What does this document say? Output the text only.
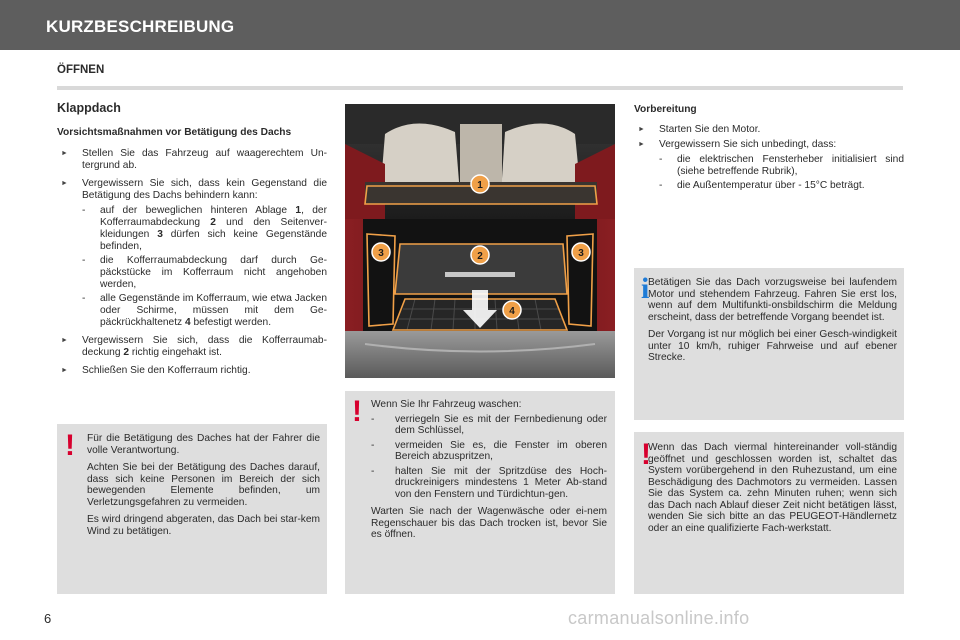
KURZBESCHREIBUNG
ÖFFNEN
Klappdach
Vorsichtsmaßnahmen vor Betätigung des Dachs
► Stellen Sie das Fahrzeug auf waagerechtem Un-tergrund ab.
► Vergewissern Sie sich, dass kein Gegenstand die Betätigung des Dachs behindern kann:
- auf der beweglichen hinteren Ablage 1, der Kofferraumabdeckung 2 und den Seitenver-kleidungen 3 dürfen sich keine Gegenstände befinden,
- die Kofferraumabdeckung darf durch Ge-päckstücke im Kofferraum nicht angehoben werden,
- alle Gegenstände im Kofferraum, wie etwa Jacken oder Schirme, müssen mit dem Ge-päckrückhaltenetz 4 befestigt werden.
► Vergewissern Sie sich, dass die Kofferraumab-deckung 2 richtig eingehakt ist.
► Schließen Sie den Kofferraum richtig.
1
2
3	3
4
Vorbereitung
► Starten Sie den Motor.
► Vergewissern Sie sich unbedingt, dass:
- die elektrischen Fensterheber initialisiert sind (siehe betreffende Rubrik),
- die Außentemperatur über - 15°C beträgt.
! Für die Betätigung des Daches hat der Fahrer die volle Verantwortung.

Achten Sie bei der Betätigung des Daches darauf, dass sich keine Personen im Bereich der sich bewegenden Elemente befinden, um Verletzungsgefahren zu vermeiden.

Es wird dringend abgeraten, das Dach bei star-kem Wind zu betätigen.

! Wenn Sie Ihr Fahrzeug waschen:

- verriegeln Sie es mit der Fernbedienung oder dem Schlüssel,
- vermeiden Sie es, die Fenster im oberen Bereich abzuspritzen,
- halten Sie mit der Spritzdüse des Hoch-druckreinigers mindestens 1 Meter Ab-stand von den Fenstern und Türdichtun-gen.

Warten Sie nach der Wagenwäsche oder ei-nem Regenschauer bis das Dach trocken ist, bevor Sie es öffnen.

i

Betätigen Sie das Dach vorzugsweise bei laufendem Motor und stehendem Fahrzeug. Fahren Sie erst los, wenn auf dem Multifunkti-onsbildschirm die Meldung erscheint, dass der betreffende Vorgang beendet ist.

Der Vorgang ist nur möglich bei einer Gesch-windigkeit unter 10 km/h, ruhiger Fahrweise und auf ebener Strecke.

!

Wenn das Dach viermal hintereinander voll-ständig geöffnet und geschlossen worden ist, schaltet das System vorübergehend in den Ruhezustand, um eine Beschädigung des Dachmotors zu vermeiden. Lassen Sie das System ca. zehn Minuten ruhen; wenn sich das Dach nach Ablauf dieser Zeit nicht betätigen lässt, wenden Sie sich bitte an das PEUGEOT-Händlernetz oder an eine qualifizierte Fach-werkstatt.

6	carmanualsonline.info
